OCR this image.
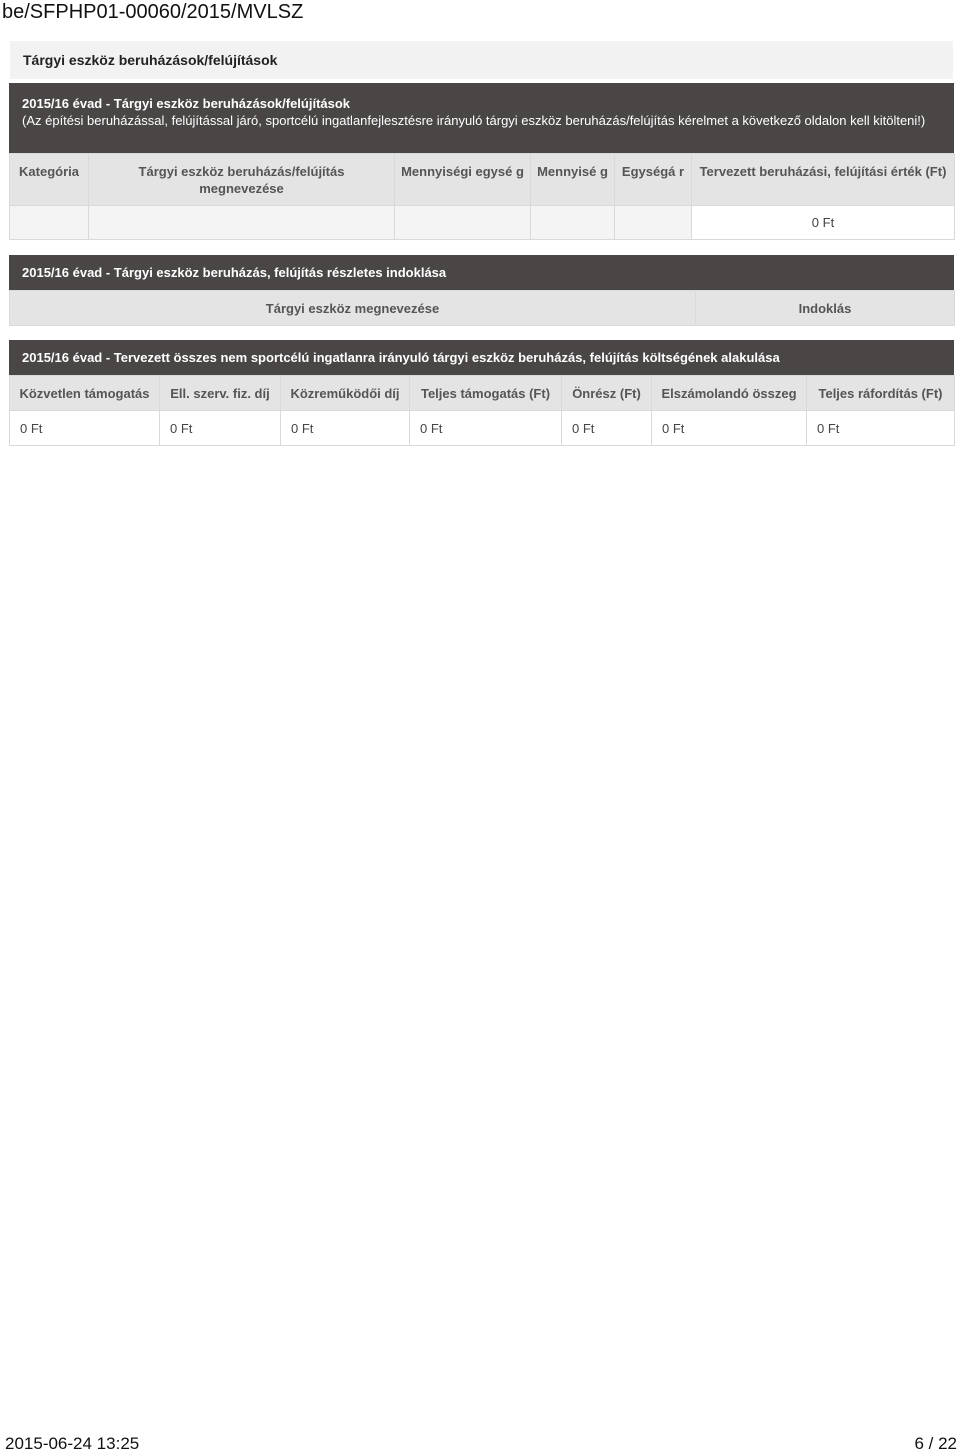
be/SFPHP01-00060/2015/MVLSZ
Tárgyi eszköz beruházások/felújítások
2015/16 évad - Tárgyi eszköz beruházások/felújítások
(Az építési beruházással, felújítással járó, sportcélú ingatlanfejlesztésre irányuló tárgyi eszköz beruházás/felújítás kérelmet a következő oldalon kell kitölteni!)
Kategória	Tárgyi eszköz beruházás/felújítás megnevezése	Mennyiségi egysé g	Mennyisé g	Egységá r	Tervezett beruházási, felújítási érték (Ft)
					0 Ft
2015/16 évad - Tárgyi eszköz beruházás, felújítás részletes indoklása
Tárgyi eszköz megnevezése	Indoklás
2015/16 évad - Tervezett összes nem sportcélú ingatlanra irányuló tárgyi eszköz beruházás, felújítás költségének alakulása
Közvetlen támogatás	Ell. szerv. fiz. díj	Közreműködői díj	Teljes támogatás (Ft)	Önrész (Ft)	Elszámolandó összeg	Teljes ráfordítás (Ft)
0 Ft	0 Ft	0 Ft	0 Ft	0 Ft	0 Ft	0 Ft
2015-06-24 13:25	6 / 22
